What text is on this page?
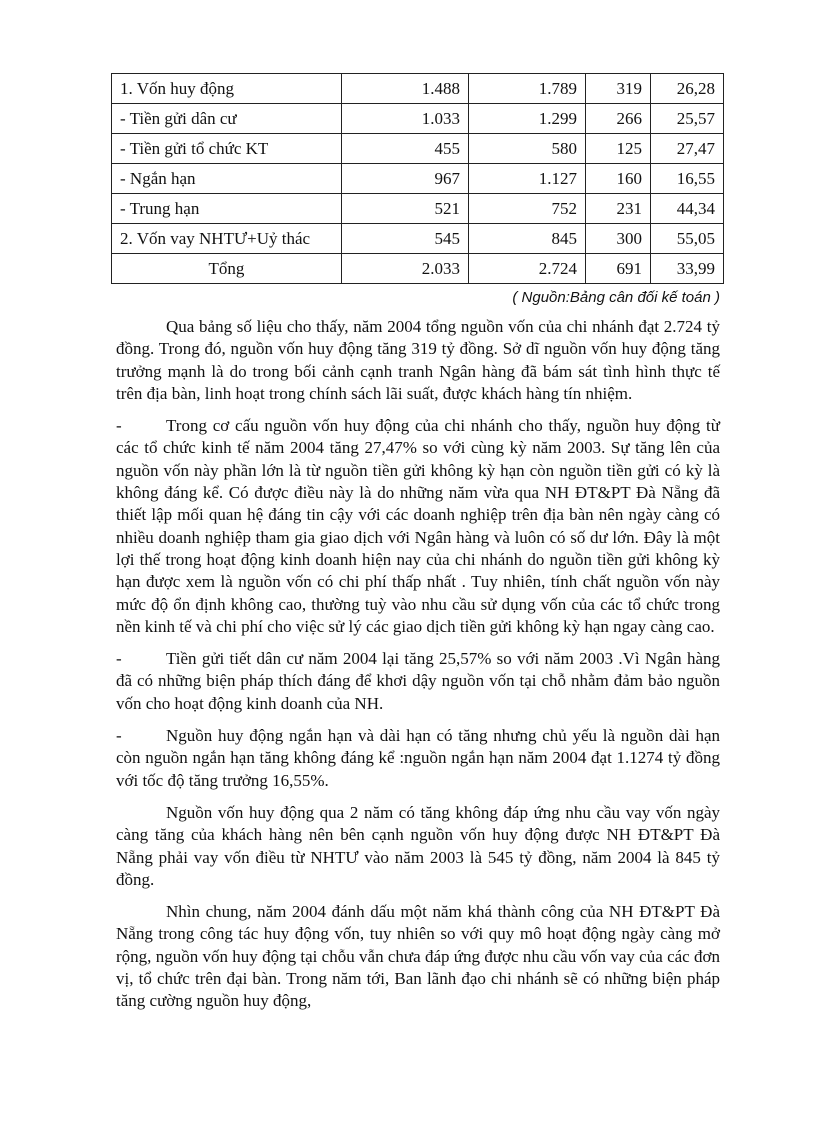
1. Vốn huy động	1.488	1.789	319	26,28
- Tiền gửi dân cư	1.033	1.299	266	25,57
- Tiền gửi tổ chức KT	455	580	125	27,47
- Ngắn hạn	967	1.127	160	16,55
- Trung hạn	521	752	231	44,34
2. Vốn vay NHTƯ+Uỷ thác	545	845	300	55,05
Tổng	2.033	2.724	691	33,99
( Nguồn:Bảng cân đối kế toán )

Qua bảng số liệu cho thấy, năm 2004 tổng nguồn vốn của chi nhánh đạt 2.724 tỷ đồng. Trong đó, nguồn vốn huy động tăng 319 tỷ đồng. Sở dĩ nguồn vốn huy động tăng trưởng mạnh là do trong bối cảnh cạnh tranh Ngân hàng đã bám sát tình hình thực tế trên địa bàn, linh hoạt trong chính sách lãi suất, được khách hàng tín nhiệm.

-	Trong cơ cấu nguồn vốn huy động của chi nhánh cho thấy, nguồn huy động từ các tổ chức kinh tế năm 2004 tăng 27,47% so với cùng kỳ năm 2003. Sự tăng lên của nguồn vốn này phần lớn là từ nguồn tiền gửi không kỳ hạn còn nguồn tiền gửi có kỳ là không đáng kể. Có được điều này là do những năm vừa qua NH ĐT&PT Đà Nẵng đã thiết lập mối quan hệ đáng tin cậy với các doanh nghiệp trên địa bàn nên ngày càng có nhiều doanh nghiệp tham gia giao dịch với Ngân hàng và luôn có số dư lớn. Đây là một lợi thế trong hoạt động kinh doanh hiện nay của chi nhánh do nguồn tiền gửi không kỳ hạn được xem là nguồn vốn có chi phí thấp nhất . Tuy nhiên, tính chất nguồn vốn này mức độ ổn định không cao, thường tuỳ vào nhu cầu sử dụng vốn của các tổ chức trong nền kinh tế và chi phí cho việc sử lý các giao dịch tiền gửi không kỳ hạn ngay càng cao.

-	Tiền gửi tiết dân cư năm 2004 lại tăng 25,57% so với năm 2003 .Vì Ngân hàng đã có những biện pháp thích đáng để khơi dậy nguồn vốn tại chỗ nhằm đảm bảo nguồn vốn cho hoạt động kinh doanh của NH.

-	Nguồn huy động ngắn hạn và dài hạn có tăng nhưng chủ yếu là nguồn dài hạn còn nguồn ngắn hạn tăng không đáng kể :nguồn ngắn hạn năm 2004 đạt 1.1274 tỷ đồng với tốc độ tăng trưởng 16,55%.

Nguồn vốn huy động qua 2 năm có tăng không đáp ứng nhu cầu vay vốn ngày càng tăng của khách hàng nên bên cạnh nguồn vốn huy động được NH ĐT&PT Đà Nẵng phải vay vốn điều từ NHTƯ vào năm 2003 là 545 tỷ đồng, năm 2004 là 845 tỷ đồng.

Nhìn chung, năm 2004 đánh dấu một năm khá thành công của NH ĐT&PT Đà Nẵng trong công tác huy động vốn, tuy nhiên so với quy mô hoạt động ngày càng mở rộng, nguồn vốn huy động tại chỗu vẫn chưa đáp ứng được nhu cầu vốn vay của các đơn vị, tổ chức trên đại bàn. Trong năm tới, Ban lãnh đạo chi nhánh sẽ có những biện pháp tăng cường nguồn huy động,
